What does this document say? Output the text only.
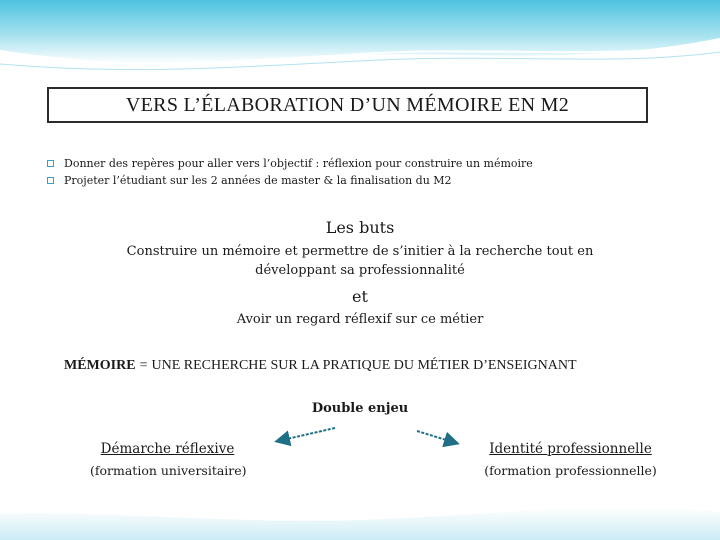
VERS L’ÉLABORATION D’UN MÉMOIRE EN M2
Donner des repères pour aller vers l’objectif : réflexion pour construire un mémoire
Projeter l’étudiant sur les 2 années de master & la finalisation du M2
Les buts
Construire un mémoire et permettre de s’initier à la recherche tout en
développant sa professionnalité
et
Avoir un regard réflexif sur ce métier
MÉMOIRE = UNE RECHERCHE SUR LA PRATIQUE DU MÉTIER D’ENSEIGNANT
Double enjeu
Démarche réflexive
(formation universitaire)
Identité professionnelle
(formation professionnelle)
